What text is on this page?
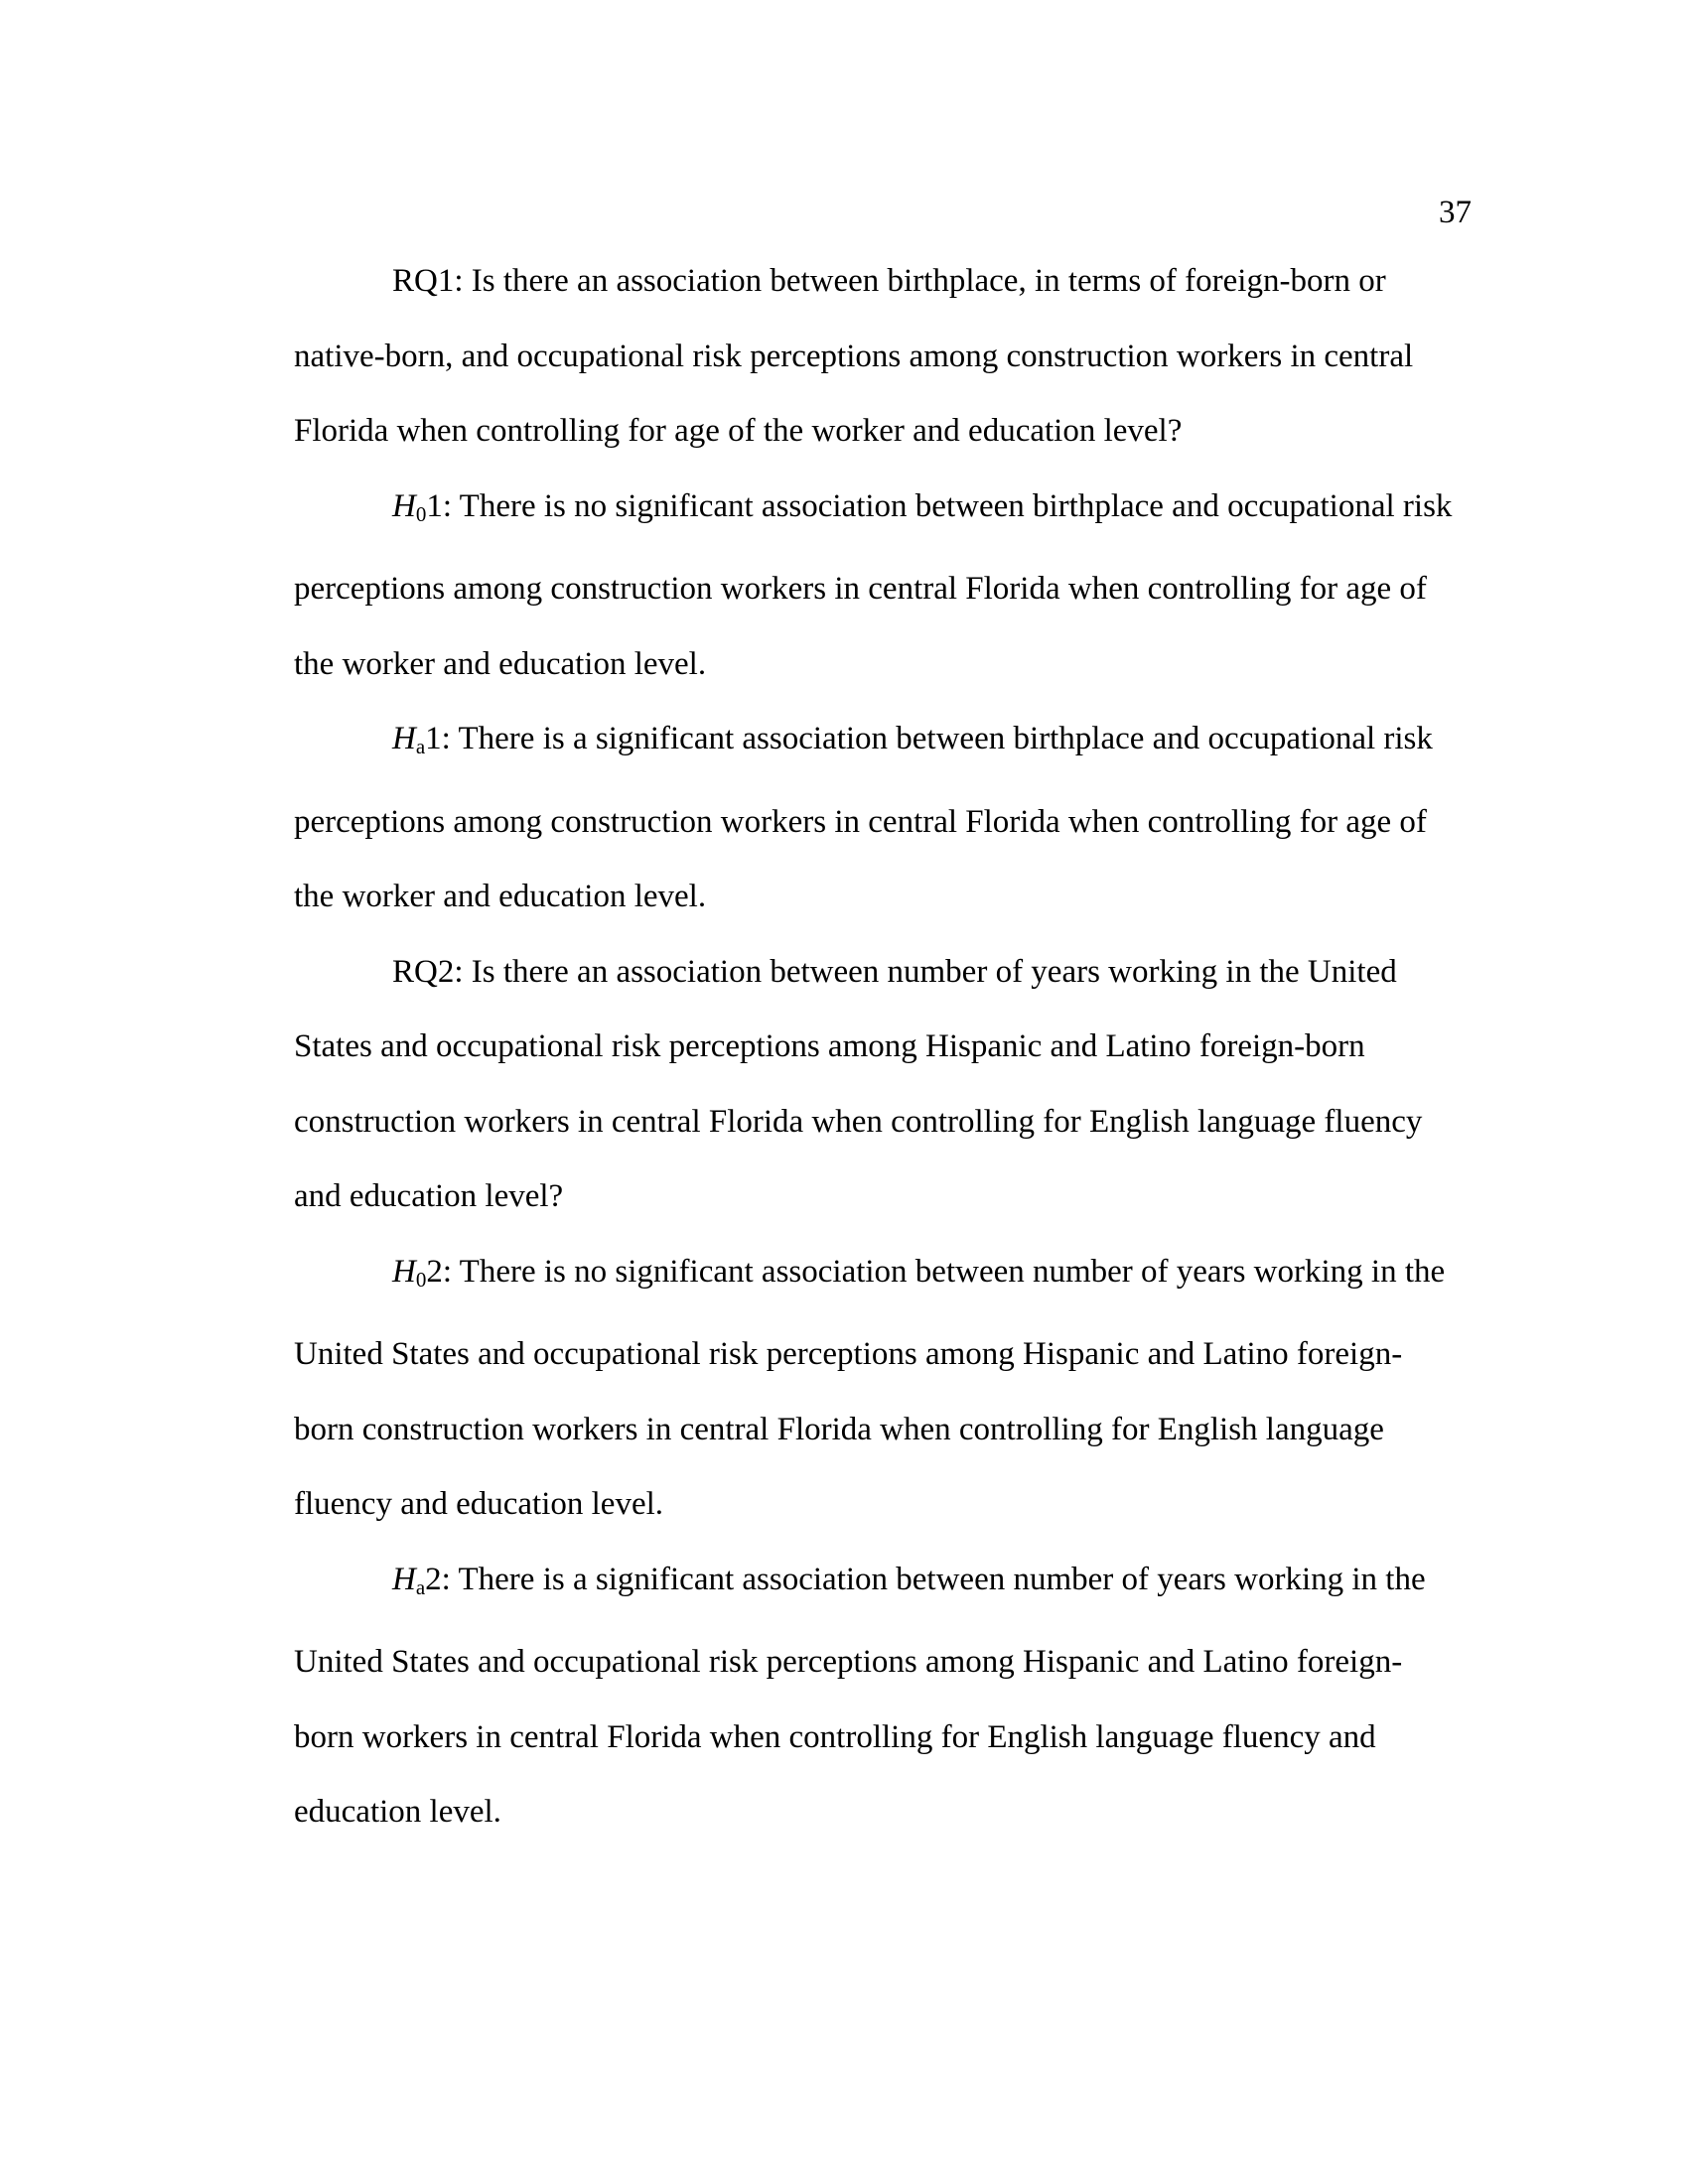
37

RQ1: Is there an association between birthplace, in terms of foreign-born or native-born, and occupational risk perceptions among construction workers in central Florida when controlling for age of the worker and education level?

$H_01$: There is no significant association between birthplace and occupational risk perceptions among construction workers in central Florida when controlling for age of the worker and education level.

$H_a1$: There is a significant association between birthplace and occupational risk perceptions among construction workers in central Florida when controlling for age of the worker and education level.

RQ2: Is there an association between number of years working in the United States and occupational risk perceptions among Hispanic and Latino foreign-born construction workers in central Florida when controlling for English language fluency and education level?

$H_02$: There is no significant association between number of years working in the United States and occupational risk perceptions among Hispanic and Latino foreign-born construction workers in central Florida when controlling for English language fluency and education level.

$H_a2$: There is a significant association between number of years working in the United States and occupational risk perceptions among Hispanic and Latino foreign-born workers in central Florida when controlling for English language fluency and education level.
